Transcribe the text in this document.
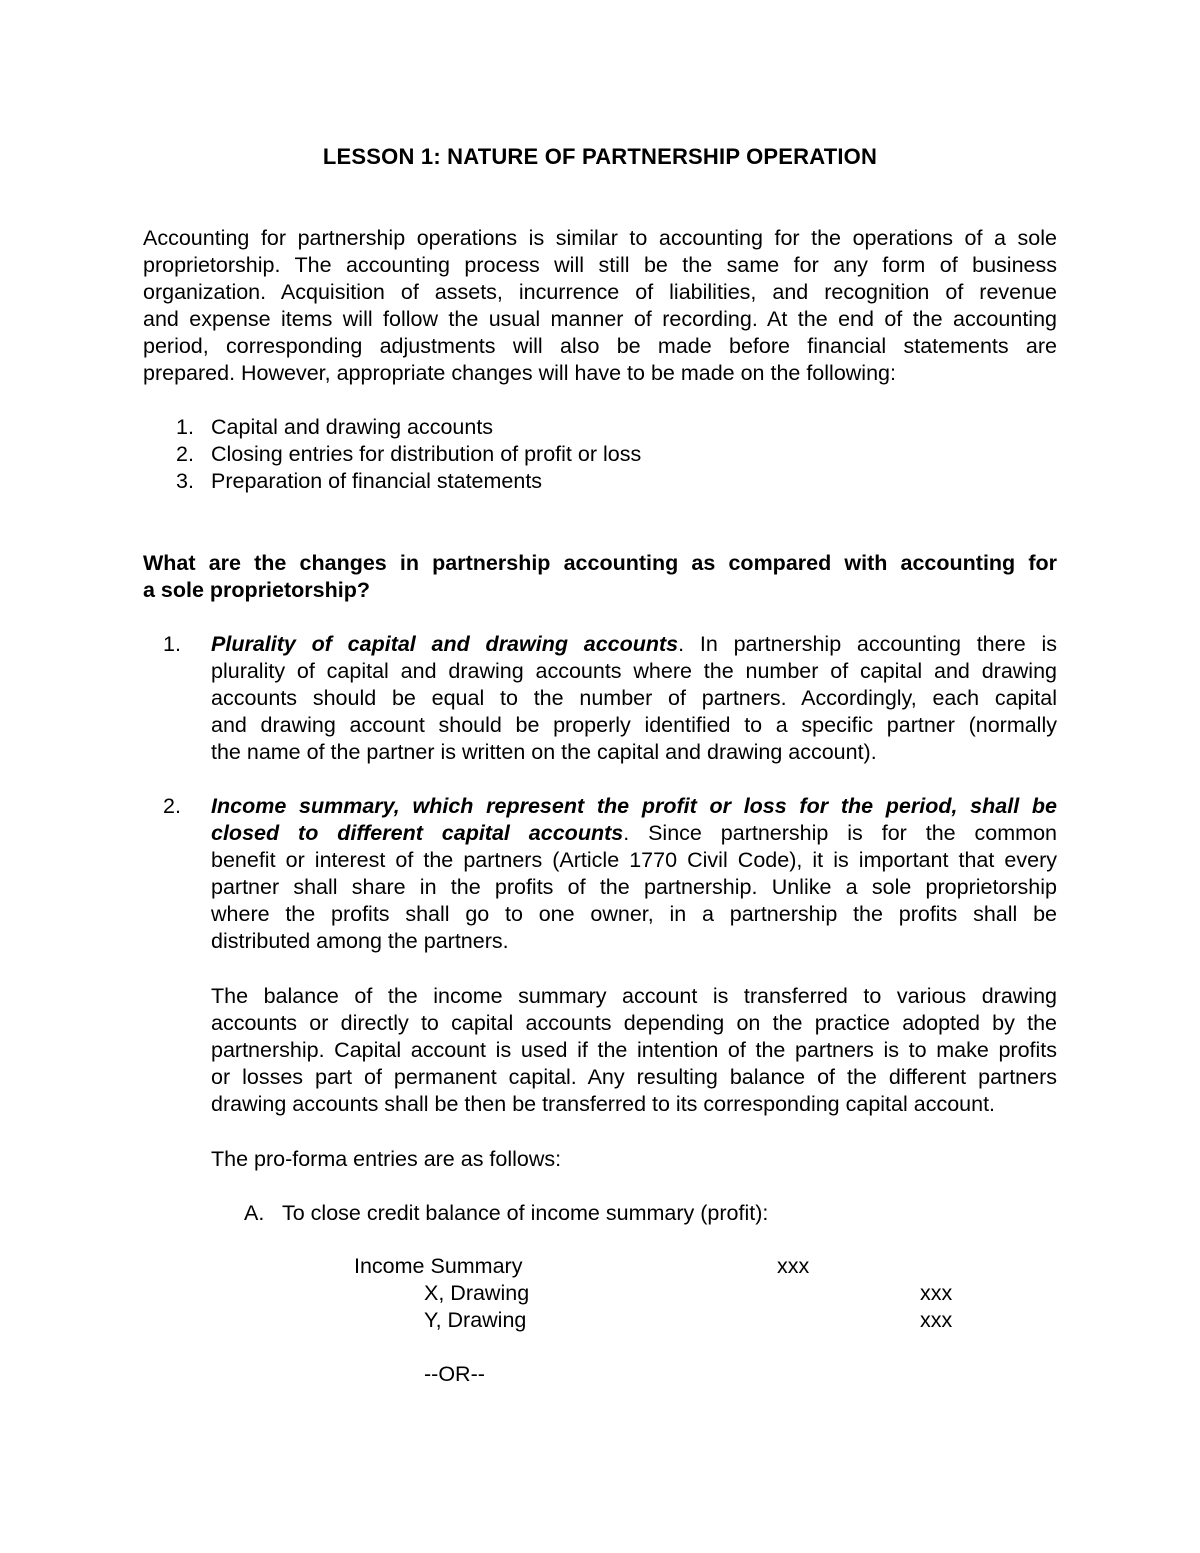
LESSON 1: NATURE OF PARTNERSHIP OPERATION
Accounting for partnership operations is similar to accounting for the operations of a sole
proprietorship. The accounting process will still be the same for any form of business
organization. Acquisition of assets, incurrence of liabilities, and recognition of revenue
and expense items will follow the usual manner of recording. At the end of the accounting
period, corresponding adjustments will also be made before financial statements are
prepared. However, appropriate changes will have to be made on the following:
1. Capital and drawing accounts
2. Closing entries for distribution of profit or loss
3. Preparation of financial statements
What are the changes in partnership accounting as compared with accounting for
a sole proprietorship?
1. Plurality of capital and drawing accounts. In partnership accounting there is
plurality of capital and drawing accounts where the number of capital and drawing
accounts should be equal to the number of partners. Accordingly, each capital
and drawing account should be properly identified to a specific partner (normally
the name of the partner is written on the capital and drawing account).
2. Income summary, which represent the profit or loss for the period, shall be
closed to different capital accounts. Since partnership is for the common
benefit or interest of the partners (Article 1770 Civil Code), it is important that every
partner shall share in the profits of the partnership. Unlike a sole proprietorship
where the profits shall go to one owner, in a partnership the profits shall be
distributed among the partners.
The balance of the income summary account is transferred to various drawing
accounts or directly to capital accounts depending on the practice adopted by the
partnership. Capital account is used if the intention of the partners is to make profits
or losses part of permanent capital. Any resulting balance of the different partners
drawing accounts shall be then be transferred to its corresponding capital account.
The pro-forma entries are as follows:
A. To close credit balance of income summary (profit):
Income Summary	xxx
X, Drawing	xxx
Y, Drawing	xxx
--OR--
